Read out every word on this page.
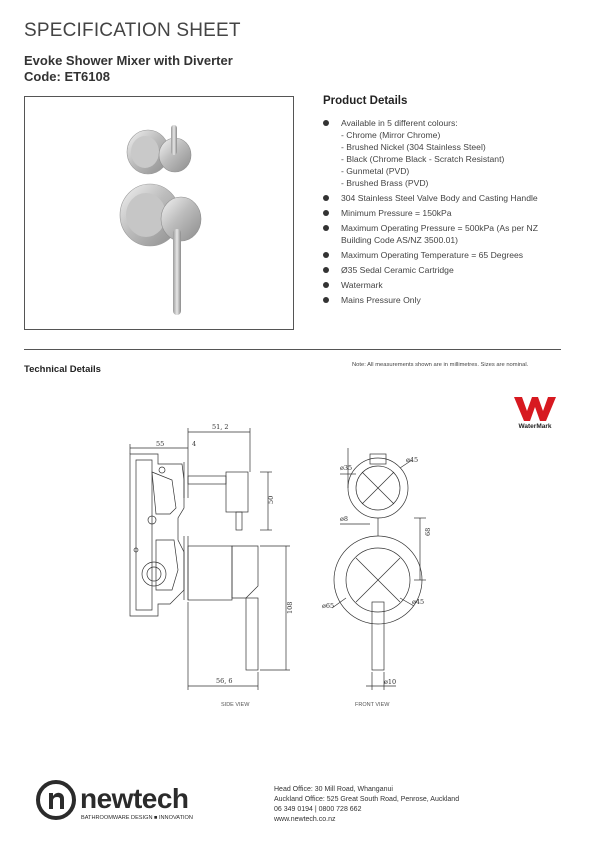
SPECIFICATION SHEET
Evoke Shower Mixer with Diverter
Code: ET6108
Product Details
Available in 5 different colours:
- Chrome (Mirror Chrome)
- Brushed Nickel (304 Stainless Steel)
- Black (Chrome Black - Scratch Resistant)
- Gunmetal (PVD)
- Brushed Brass (PVD)
304 Stainless Steel Valve Body and Casting Handle
Minimum Pressure = 150kPa
Maximum Operating Pressure = 500kPa (As per NZ Building Code AS/NZ 3500.01)
Maximum Operating Temperature = 65 Degrees
Ø35 Sedal Ceramic Cartridge
Watermark
Mains Pressure Only
Technical Details	Note: All measurements shown are in millimetres. Sizes are nominal.
WaterMark
51, 2
55	4
50
108
56, 6
ø35
ø45
ø8
68
ø65	ø45
ø10
SIDE VIEW	FRONT VIEW
newtech
BATHROOMWARE DESIGN ■ INNOVATION
Head Office: 30 Mill Road, Whanganui
Auckland Office: 525 Great South Road, Penrose, Auckland
06 349 0194 | 0800 728 662
www.newtech.co.nz
